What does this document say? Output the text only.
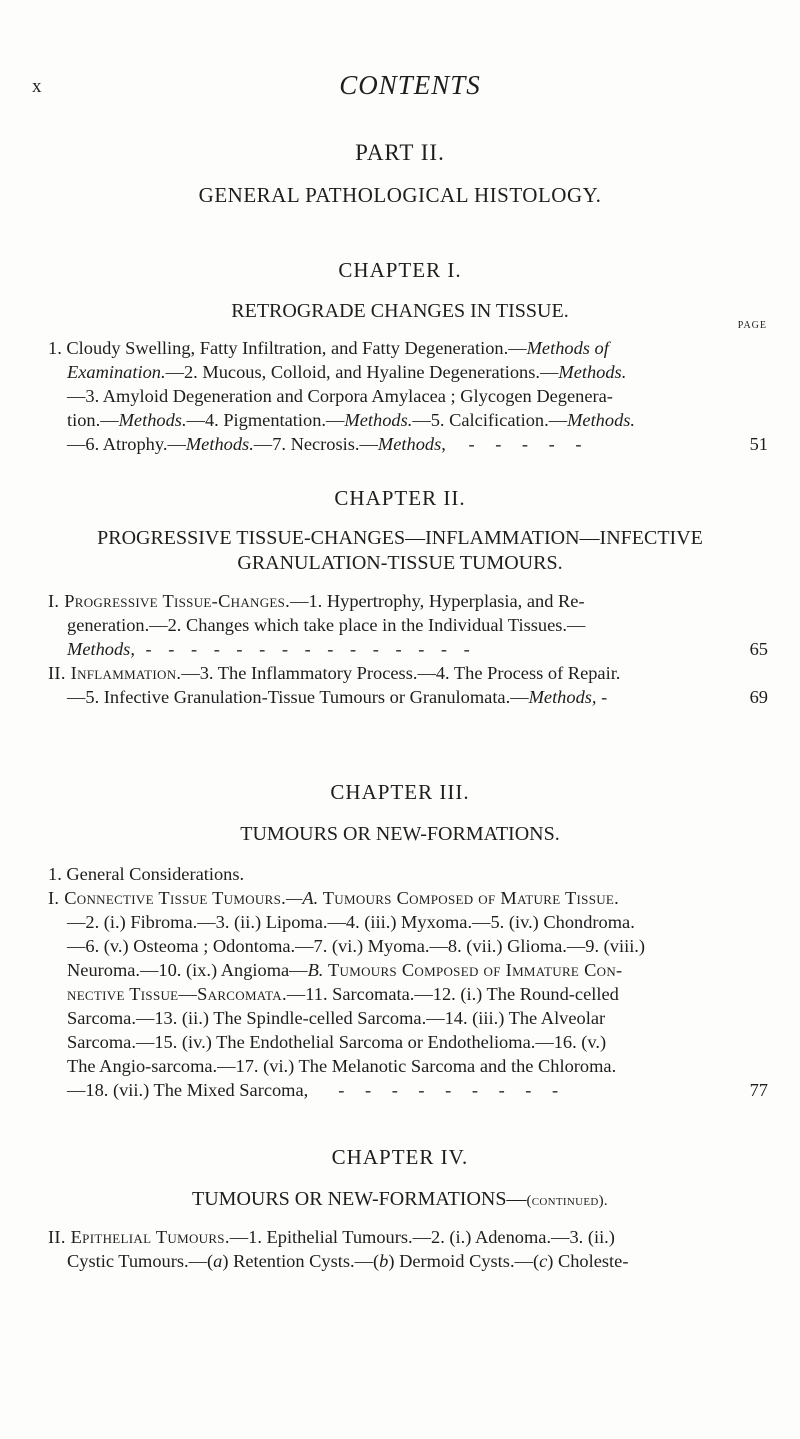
x	CONTENTS
PART II.
GENERAL PATHOLOGICAL HISTOLOGY.
CHAPTER I.
RETROGRADE CHANGES IN TISSUE.
PAGE
1. Cloudy Swelling, Fatty Infiltration, and Fatty Degeneration.—Methods of
Examination.—2. Mucous, Colloid, and Hyaline Degenerations.—Methods.
—3. Amyloid Degeneration and Corpora Amylacea ; Glycogen Degenera-
tion.—Methods.—4. Pigmentation.—Methods.—5. Calcification.—Methods.
—6. Atrophy.—Methods.—7. Necrosis.—Methods, - - - - -	51
CHAPTER II.
PROGRESSIVE TISSUE-CHANGES—INFLAMMATION—INFECTIVE
GRANULATION-TISSUE TUMOURS.
I. Progressive Tissue-Changes.—1. Hypertrophy, Hyperplasia, and Re-
generation.—2. Changes which take place in the Individual Tissues.—
Methods, - - - - - - - - - - - - - - -	65
II. Inflammation.—3. The Inflammatory Process.—4. The Process of Repair.
—5. Infective Granulation-Tissue Tumours or Granulomata.—Methods, -	69
CHAPTER III.
TUMOURS OR NEW-FORMATIONS.
1. General Considerations.
I. Connective Tissue Tumours.—A. Tumours Composed of Mature Tissue.
—2. (i.) Fibroma.—3. (ii.) Lipoma.—4. (iii.) Myxoma.—5. (iv.) Chondroma.
—6. (v.) Osteoma ; Odontoma.—7. (vi.) Myoma.—8. (vii.) Glioma.—9. (viii.)
Neuroma.—10. (ix.) Angioma—B. Tumours Composed of Immature Con-
nective Tissue—Sarcomata.—11. Sarcomata.—12. (i.) The Round-celled
Sarcoma.—13. (ii.) The Spindle-celled Sarcoma.—14. (iii.) The Alveolar
Sarcoma.—15. (iv.) The Endothelial Sarcoma or Endothelioma.—16. (v.)
The Angio-sarcoma.—17. (vi.) The Melanotic Sarcoma and the Chloroma.
—18. (vii.) The Mixed Sarcoma, - - - - - - - - -	77
CHAPTER IV.
TUMOURS OR NEW-FORMATIONS—(continued).
II. Epithelial Tumours.—1. Epithelial Tumours.—2. (i.) Adenoma.—3. (ii.)
Cystic Tumours.—(a) Retention Cysts.—(b) Dermoid Cysts.—(c) Choleste-
